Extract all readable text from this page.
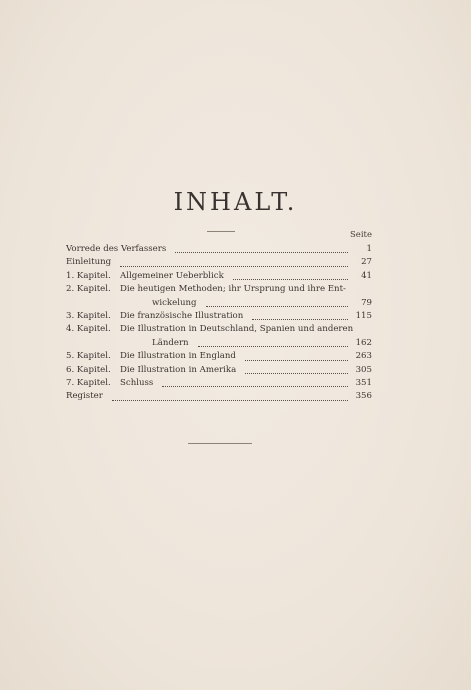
INHALT.
Seite
Vorrede des Verfassers	1
Einleitung	27
1. Kapitel.	Allgemeiner Ueberblick	41
2. Kapitel.	Die heutigen Methoden; ihr Ursprung und ihre Ent-
wickelung	79
3. Kapitel.	Die französische Illustration	115
4. Kapitel.	Die Illustration in Deutschland, Spanien und anderen
Ländern	162
5. Kapitel.	Die Illustration in England	263
6. Kapitel.	Die Illustration in Amerika	305
7. Kapitel.	Schluss	351
Register	356
